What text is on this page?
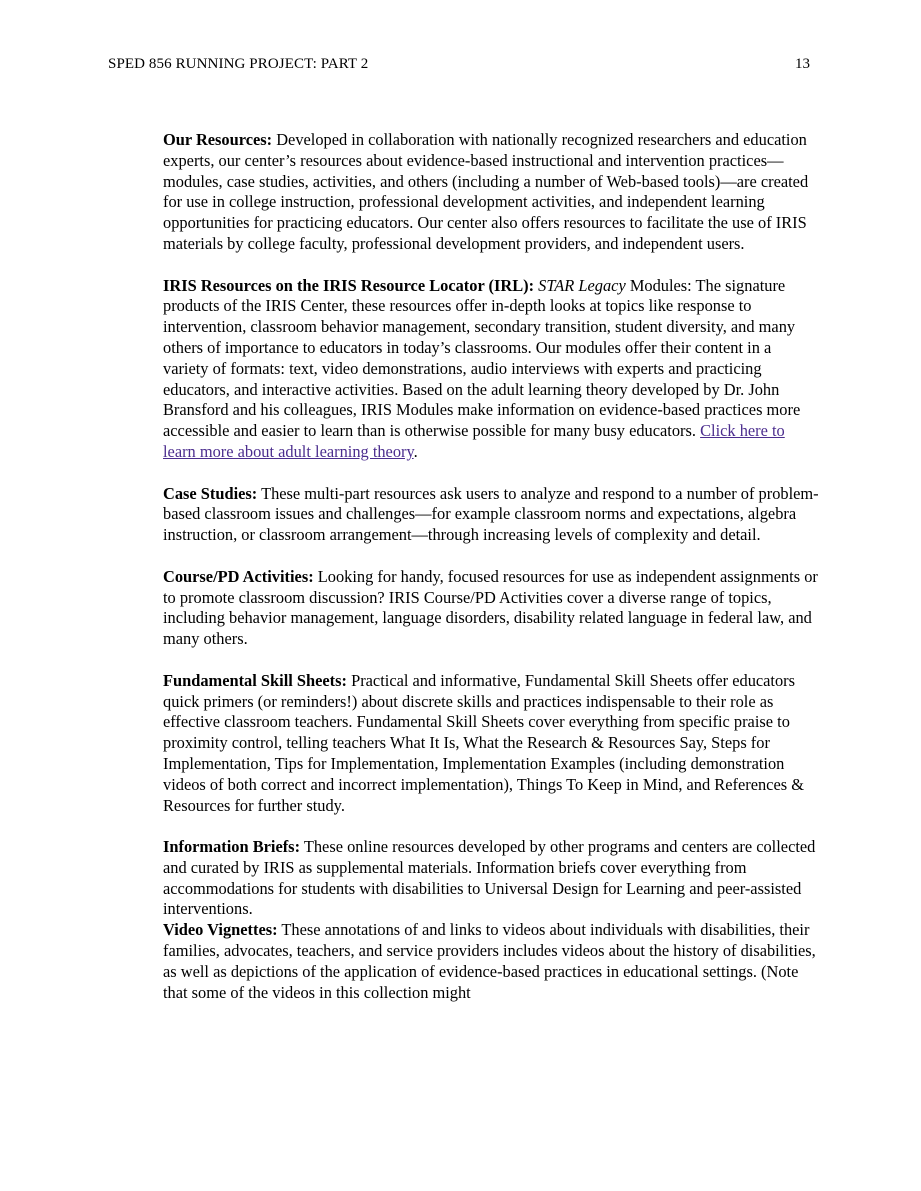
SPED 856 RUNNING PROJECT: PART 2	13

Our Resources: Developed in collaboration with nationally recognized researchers and education experts, our center’s resources about evidence-based instructional and intervention practices—modules, case studies, activities, and others (including a number of Web-based tools)—are created for use in college instruction, professional development activities, and independent learning opportunities for practicing educators. Our center also offers resources to facilitate the use of IRIS materials by college faculty, professional development providers, and independent users.

IRIS Resources on the IRIS Resource Locator (IRL): STAR Legacy Modules: The signature products of the IRIS Center, these resources offer in-depth looks at topics like response to intervention, classroom behavior management, secondary transition, student diversity, and many others of importance to educators in today’s classrooms. Our modules offer their content in a variety of formats: text, video demonstrations, audio interviews with experts and practicing educators, and interactive activities. Based on the adult learning theory developed by Dr. John Bransford and his colleagues, IRIS Modules make information on evidence-based practices more accessible and easier to learn than is otherwise possible for many busy educators. Click here to learn more about adult learning theory.

Case Studies: These multi-part resources ask users to analyze and respond to a number of problem-based classroom issues and challenges—for example classroom norms and expectations, algebra instruction, or classroom arrangement—through increasing levels of complexity and detail.

Course/PD Activities: Looking for handy, focused resources for use as independent assignments or to promote classroom discussion? IRIS Course/PD Activities cover a diverse range of topics, including behavior management, language disorders, disability related language in federal law, and many others.

Fundamental Skill Sheets: Practical and informative, Fundamental Skill Sheets offer educators quick primers (or reminders!) about discrete skills and practices indispensable to their role as effective classroom teachers. Fundamental Skill Sheets cover everything from specific praise to proximity control, telling teachers What It Is, What the Research & Resources Say, Steps for Implementation, Tips for Implementation, Implementation Examples (including demonstration videos of both correct and incorrect implementation), Things To Keep in Mind, and References & Resources for further study.

Information Briefs: These online resources developed by other programs and centers are collected and curated by IRIS as supplemental materials. Information briefs cover everything from accommodations for students with disabilities to Universal Design for Learning and peer-assisted interventions.

Video Vignettes: These annotations of and links to videos about individuals with disabilities, their families, advocates, teachers, and service providers includes videos about the history of disabilities, as well as depictions of the application of evidence-based practices in educational settings. (Note that some of the videos in this collection might
